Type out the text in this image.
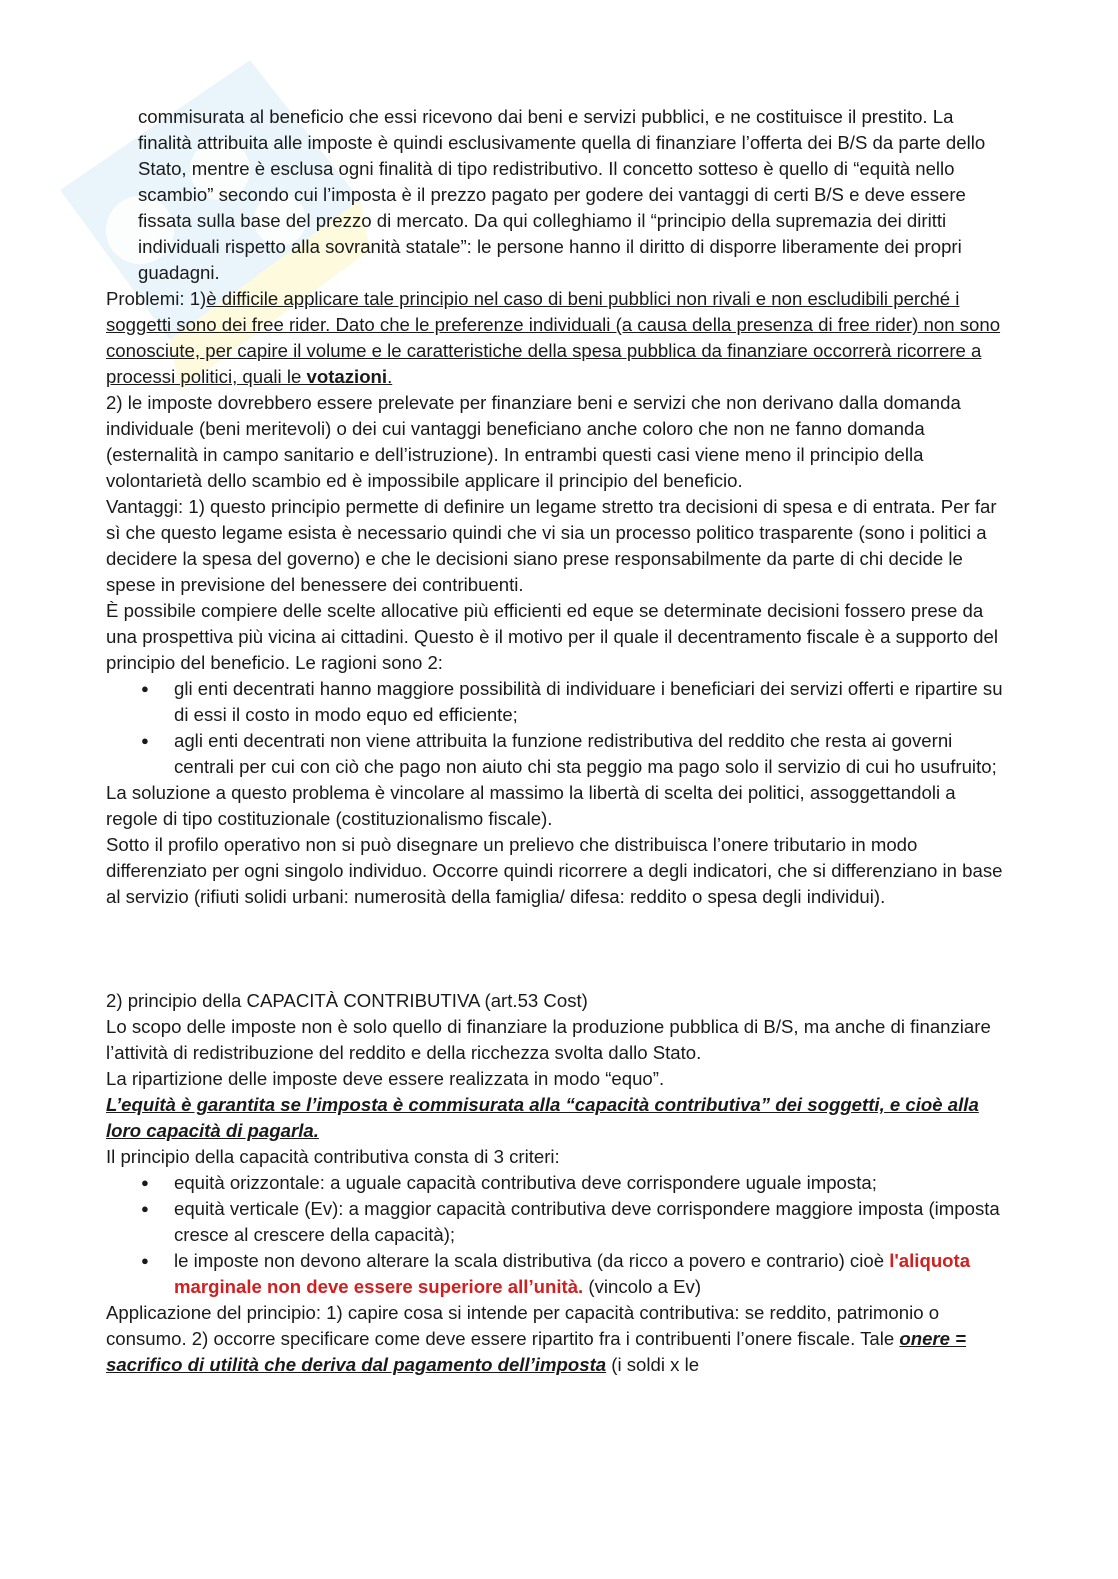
commisurata al beneficio che essi ricevono dai beni e servizi pubblici, e ne costituisce il prestito. La finalità attribuita alle imposte è quindi esclusivamente quella di finanziare l’offerta dei B/S da parte dello Stato, mentre è esclusa ogni finalità di tipo redistributivo. Il concetto sotteso è quello di “equità nello scambio” secondo cui l’imposta è il prezzo pagato per godere dei vantaggi di certi B/S e deve essere fissata sulla base del prezzo di mercato. Da qui colleghiamo il “principio della supremazia dei diritti individuali rispetto alla sovranità statale”: le persone hanno il diritto di disporre liberamente dei propri guadagni.

Problemi: 1)è difficile applicare tale principio nel caso di beni pubblici non rivali e non escludibili perché i soggetti sono dei free rider. Dato che le preferenze individuali (a causa della presenza di free rider) non sono conosciute, per capire il volume e le caratteristiche della spesa pubblica da finanziare occorrerà ricorrere a processi politici, quali le votazioni.

2) le imposte dovrebbero essere prelevate per finanziare beni e servizi che non derivano dalla domanda individuale (beni meritevoli) o dei cui vantaggi beneficiano anche coloro che non ne fanno domanda (esternalità in campo sanitario e dell’istruzione). In entrambi questi casi viene meno il principio della volontarietà dello scambio ed è impossibile applicare il principio del beneficio.

Vantaggi: 1) questo principio permette di definire un legame stretto tra decisioni di spesa e di entrata. Per far sì che questo legame esista è necessario quindi che vi sia un processo politico trasparente (sono i politici a decidere la spesa del governo) e che le decisioni siano prese responsabilmente da parte di chi decide le spese in previsione del benessere dei contribuenti.

È possibile compiere delle scelte allocative più efficienti ed eque se determinate decisioni fossero prese da una prospettiva più vicina ai cittadini. Questo è il motivo per il quale il decentramento fiscale è a supporto del principio del beneficio. Le ragioni sono 2:

● gli enti decentrati hanno maggiore possibilità di individuare i beneficiari dei servizi offerti e ripartire su di essi il costo in modo equo ed efficiente;
● agli enti decentrati non viene attribuita la funzione redistributiva del reddito che resta ai governi centrali per cui con ciò che pago non aiuto chi sta peggio ma pago solo il servizio di cui ho usufruito;

La soluzione a questo problema è vincolare al massimo la libertà di scelta dei politici, assoggettandoli a regole di tipo costituzionale (costituzionalismo fiscale).

Sotto il profilo operativo non si può disegnare un prelievo che distribuisca l’onere tributario in modo differenziato per ogni singolo individuo. Occorre quindi ricorrere a degli indicatori, che si differenziano in base al servizio (rifiuti solidi urbani: numerosità della famiglia/ difesa: reddito o spesa degli individui).

2) principio della CAPACITÀ CONTRIBUTIVA (art.53 Cost)

Lo scopo delle imposte non è solo quello di finanziare la produzione pubblica di B/S, ma anche di finanziare l’attività di redistribuzione del reddito e della ricchezza svolta dallo Stato.

La ripartizione delle imposte deve essere realizzata in modo “equo”.

L’equità è garantita se l’imposta è commisurata alla “capacità contributiva” dei soggetti, e cioè alla loro capacità di pagarla.

Il principio della capacità contributiva consta di 3 criteri:

● equità orizzontale: a uguale capacità contributiva deve corrispondere uguale imposta;
● equità verticale (Ev): a maggior capacità contributiva deve corrispondere maggiore imposta (imposta cresce al crescere della capacità);
● le imposte non devono alterare la scala distributiva (da ricco a povero e contrario) cioè l'aliquota marginale non deve essere superiore all’unità. (vincolo a Ev)

Applicazione del principio: 1) capire cosa si intende per capacità contributiva: se reddito, patrimonio o consumo. 2) occorre specificare come deve essere ripartito fra i contribuenti l’onere fiscale. Tale onere = sacrifico di utilità che deriva dal pagamento dell’imposta (i soldi x le
